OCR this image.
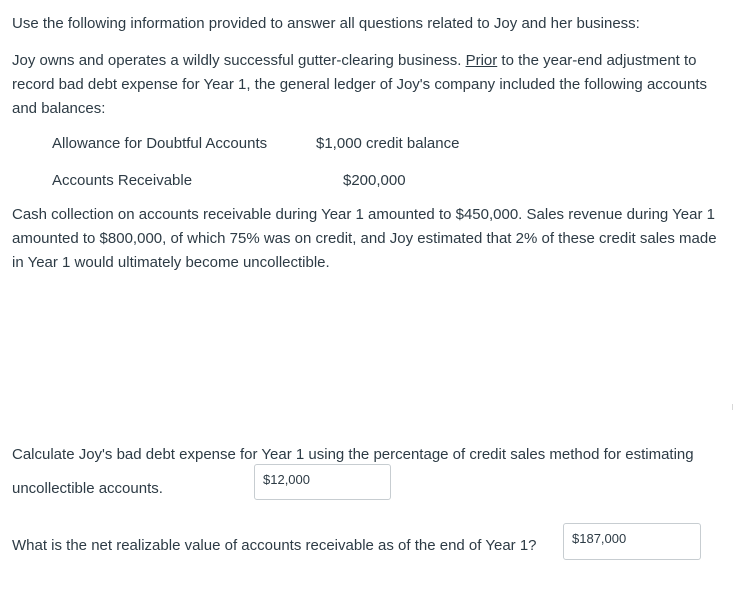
Use the following information provided to answer all questions related to Joy and her business:

Joy owns and operates a wildly successful gutter-clearing business. Prior to the year-end adjustment to record bad debt expense for Year 1, the general ledger of Joy's company included the following accounts and balances:

Allowance for Doubtful Accounts	$1,000 credit balance
Accounts Receivable	$200,000

Cash collection on accounts receivable during Year 1 amounted to $450,000. Sales revenue during Year 1 amounted to $800,000, of which 75% was on credit, and Joy estimated that 2% of these credit sales made in Year 1 would ultimately become uncollectible.

Calculate Joy's bad debt expense for Year 1 using the percentage of credit sales method for estimating uncollectible accounts.

$12,000

What is the net realizable value of accounts receivable as of the end of Year 1?	$187,000
